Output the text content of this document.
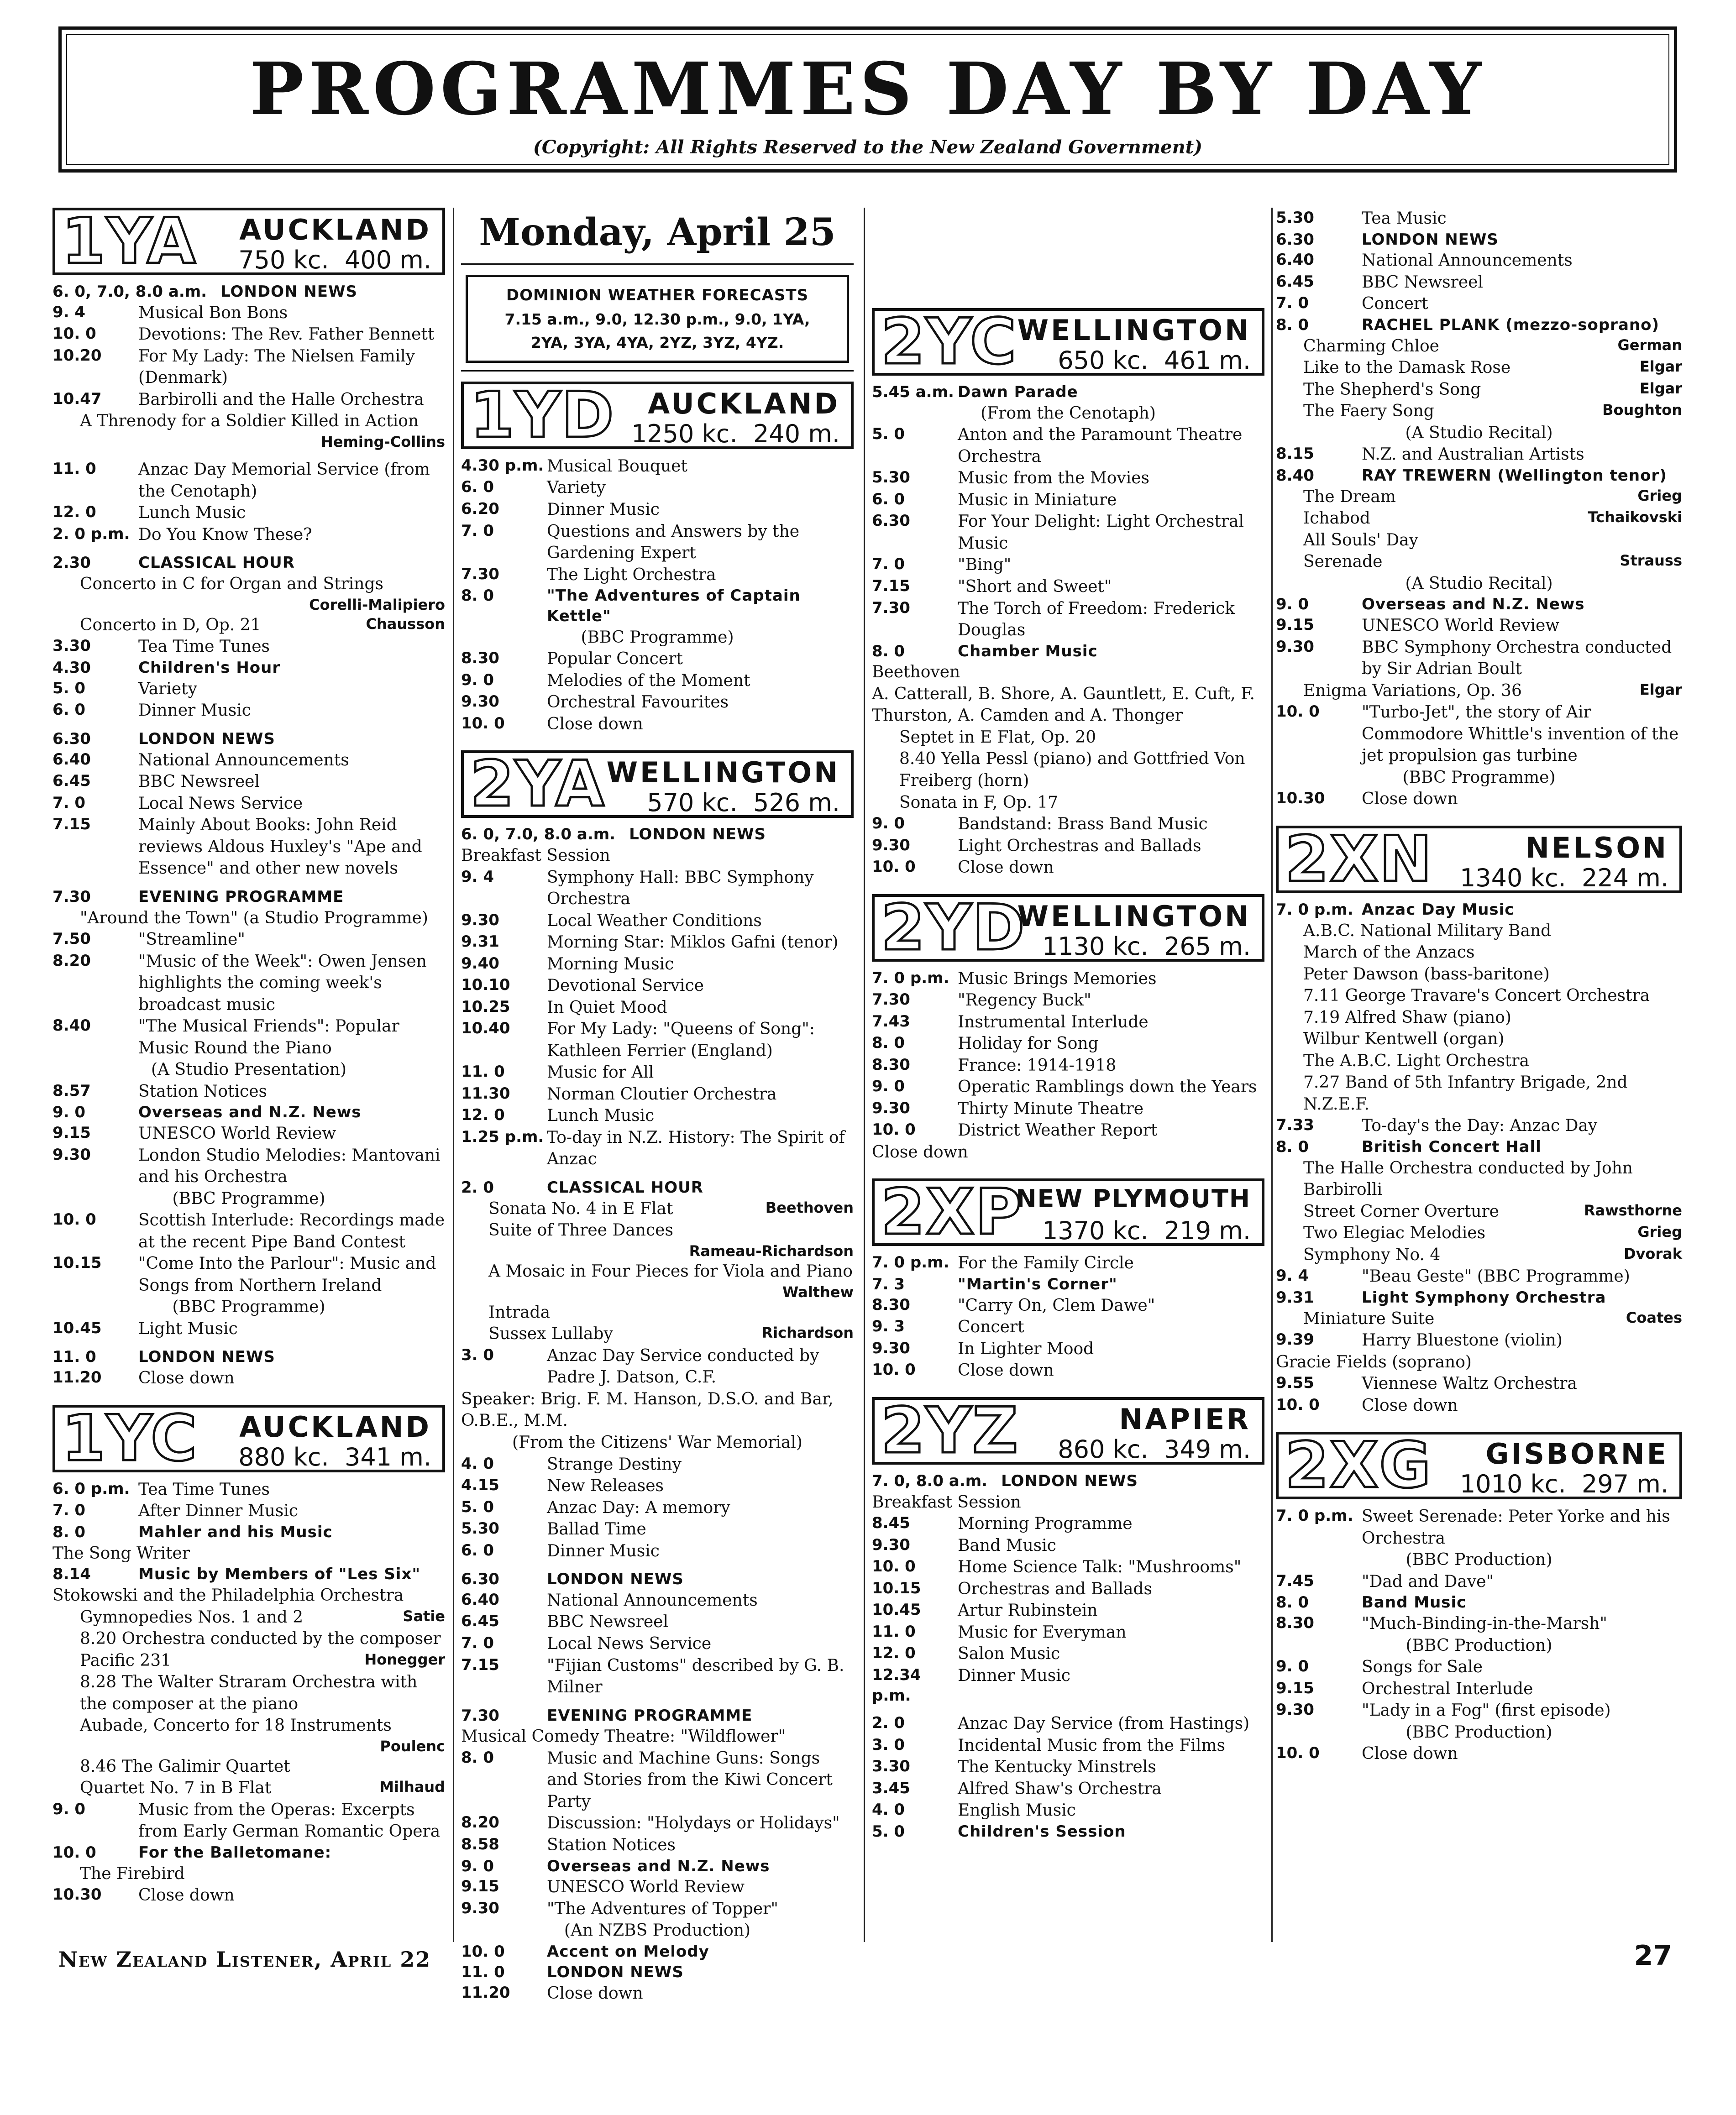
PROGRAMMES DAY BY DAY
(Copyright: All Rights Reserved to the New Zealand Government)
1YA AUCKLAND
750 kc.  400 m.
6. 0, 7.0, 8.0 a.m. LONDON NEWS
9. 4	Musical Bon Bons
10. 0	Devotions: The Rev. Father Bennett
10.20	For My Lady: The Nielsen Family (Denmark)
10.47	Barbirolli and the Halle Orchestra
A Threnody for a Soldier Killed in Action
Heming-Collins
11. 0	Anzac Day Memorial Service (from the Cenotaph)
12. 0	Lunch Music
2. 0 p.m. Do You Know These?
2.30	CLASSICAL HOUR
Concerto in C for Organ and Strings
Corelli-Malipiero
Concerto in D, Op. 21	Chausson
3.30	Tea Time Tunes
4.30	Children's Hour
5. 0	Variety
6. 0	Dinner Music
6.30	LONDON NEWS
6.40	National Announcements
6.45	BBC Newsreel
7. 0	Local News Service
7.15	Mainly About Books: John Reid reviews Aldous Huxley's "Ape and Essence" and other new novels
7.30	EVENING PROGRAMME
"Around the Town" (a Studio Programme)
7.50	"Streamline"
8.20	"Music of the Week": Owen Jensen highlights the coming week's broadcast music
8.40	"The Musical Friends": Popular Music Round the Piano
(A Studio Presentation)
8.57	Station Notices
9. 0	Overseas and N.Z. News
9.15	UNESCO World Review
9.30	London Studio Melodies: Mantovani and his Orchestra
(BBC Programme)
10. 0	Scottish Interlude: Recordings made at the recent Pipe Band Contest
10.15	"Come Into the Parlour": Music and Songs from Northern Ireland
(BBC Programme)
10.45	Light Music
11. 0	LONDON NEWS
11.20	Close down
1YC AUCKLAND
880 kc.  341 m.
6. 0 p.m. Tea Time Tunes
7. 0	After Dinner Music
8. 0	Mahler and his Music
The Song Writer
8.14	Music by Members of "Les Six"
Stokowski and the Philadelphia Orchestra
Gymnopedies Nos. 1 and 2	Satie
8.20 Orchestra conducted by the composer
Pacific 231	Honegger
8.28 The Walter Straram Orchestra with the composer at the piano
Aubade, Concerto for 18 Instruments
Poulenc
8.46 The Galimir Quartet
Quartet No. 7 in B Flat	Milhaud
9. 0	Music from the Operas: Excerpts from Early German Romantic Opera
10. 0	For the Balletomane:
The Firebird
10.30	Close down
Monday, April 25
DOMINION WEATHER FORECASTS
7.15 a.m., 9.0, 12.30 p.m., 9.0, 1YA,
2YA, 3YA, 4YA, 2YZ, 3YZ, 4YZ.
1YD AUCKLAND
1250 kc.  240 m.
4.30 p.m. Musical Bouquet
6. 0	Variety
6.20	Dinner Music
7. 0	Questions and Answers by the Gardening Expert
7.30	The Light Orchestra
8. 0	"The Adventures of Captain Kettle"
(BBC Programme)
8.30	Popular Concert
9. 0	Melodies of the Moment
9.30	Orchestral Favourites
10. 0	Close down
2YA WELLINGTON
570 kc.  526 m.
6. 0, 7.0, 8.0 a.m. LONDON NEWS
Breakfast Session
9. 4	Symphony Hall: BBC Symphony Orchestra
9.30	Local Weather Conditions
9.31	Morning Star: Miklos Gafni (tenor)
9.40	Morning Music
10.10	Devotional Service
10.25	In Quiet Mood
10.40	For My Lady: "Queens of Song": Kathleen Ferrier (England)
11. 0	Music for All
11.30	Norman Cloutier Orchestra
12. 0	Lunch Music
1.25 p.m. To-day in N.Z. History: The Spirit of Anzac
2. 0	CLASSICAL HOUR
Sonata No. 4 in E Flat	Beethoven
Suite of Three Dances
Rameau-Richardson
A Mosaic in Four Pieces for Viola and Piano
Walthew
Intrada
Sussex Lullaby	Richardson
3. 0	Anzac Day Service conducted by Padre J. Datson, C.F.
Speaker: Brig. F. M. Hanson, D.S.O. and Bar, O.B.E., M.M.
(From the Citizens' War Memorial)
4. 0	Strange Destiny
4.15	New Releases
5. 0	Anzac Day: A memory
5.30	Ballad Time
6. 0	Dinner Music
6.30	LONDON NEWS
6.40	National Announcements
6.45	BBC Newsreel
7. 0	Local News Service
7.15	"Fijian Customs" described by G. B. Milner
7.30	EVENING PROGRAMME
Musical Comedy Theatre: "Wildflower"
8. 0	Music and Machine Guns: Songs and Stories from the Kiwi Concert Party
8.20	Discussion: "Holydays or Holidays"
8.58	Station Notices
9. 0	Overseas and N.Z. News
9.15	UNESCO World Review
9.30	"The Adventures of Topper"
(An NZBS Production)
10. 0	Accent on Melody
11. 0	LONDON NEWS
11.20	Close down
2YC WELLINGTON
650 kc.  461 m.
5.45 a.m. Dawn Parade
(From the Cenotaph)
5. 0	Anton and the Paramount Theatre Orchestra
5.30	Music from the Movies
6. 0	Music in Miniature
6.30	For Your Delight: Light Orchestral Music
7. 0	"Bing"
7.15	"Short and Sweet"
7.30	The Torch of Freedom: Frederick Douglas
8. 0	Chamber Music
Beethoven
A. Catterall, B. Shore, A. Gauntlett, E. Cuft, F. Thurston, A. Camden and A. Thonger
Septet in E Flat, Op. 20
8.40 Yella Pessl (piano) and Gottfried Von Freiberg (horn)
Sonata in F, Op. 17
9. 0	Bandstand: Brass Band Music
9.30	Light Orchestras and Ballads
10. 0	Close down
2YD
WELLINGTON
1130 kc.  265 m.
7. 0 p.m. Music Brings Memories
7.30	"Regency Buck"
7.43	Instrumental Interlude
8. 0	Holiday for Song
8.30	France: 1914-1918
9. 0	Operatic Ramblings down the Years
9.30	Thirty Minute Theatre
10. 0	District Weather Report
Close down
2XP
NEW PLYMOUTH
1370 kc.  219 m.
7. 0 p.m. For the Family Circle
7. 3	"Martin's Corner"
8.30	"Carry On, Clem Dawe"
9. 3	Concert
9.30	In Lighter Mood
10. 0	Close down
2YZ	NAPIER
860 kc.  349 m.
7. 0, 8.0 a.m. LONDON NEWS
Breakfast Session
8.45	Morning Programme
9.30	Band Music
10. 0	Home Science Talk: "Mushrooms"
10.15	Orchestras and Ballads
10.45	Artur Rubinstein
11. 0	Music for Everyman
12. 0	Salon Music
12.34 p.m.
Dinner Music
2. 0	Anzac Day Service (from Hastings)
3. 0	Incidental Music from the Films
3.30	The Kentucky Minstrels
3.45	Alfred Shaw's Orchestra
4. 0	English Music
5. 0	Children's Session
5.30	Tea Music
6.30	LONDON NEWS
6.40	National Announcements
6.45	BBC Newsreel
7. 0	Concert
8. 0	RACHEL PLANK (mezzo-soprano)
Charming Chloe	German
Like to the Damask Rose	Elgar
The Shepherd's Song	Elgar
The Faery Song	Boughton
(A Studio Recital)
8.15	N.Z. and Australian Artists
8.40	RAY TREWERN (Wellington tenor)
The Dream	Grieg
Ichabod	Tchaikovski
All Souls' Day
Serenade	Strauss
(A Studio Recital)
9. 0	Overseas and N.Z. News
9.15	UNESCO World Review
9.30	BBC Symphony Orchestra conducted by Sir Adrian Boult
Enigma Variations, Op. 36	Elgar
10. 0	"Turbo-Jet", the story of Air Commodore Whittle's invention of the jet propulsion gas turbine
(BBC Programme)
10.30	Close down
2XN	NELSON
1340 kc.  224 m.
7. 0 p.m. Anzac Day Music
A.B.C. National Military Band
March of the Anzacs
Peter Dawson (bass-baritone)
7.11 George Travare's Concert Orchestra
7.19 Alfred Shaw (piano)
Wilbur Kentwell (organ)
The A.B.C. Light Orchestra
7.27 Band of 5th Infantry Brigade, 2nd N.Z.E.F.
7.33	To-day's the Day: Anzac Day
8. 0	British Concert Hall
The Halle Orchestra conducted by John Barbirolli
Street Corner Overture	Rawsthorne
Two Elegiac Melodies	Grieg
Symphony No. 4	Dvorak
9. 4	"Beau Geste" (BBC Programme)
9.31	Light Symphony Orchestra
Miniature Suite	Coates
9.39	Harry Bluestone (violin)
Gracie Fields (soprano)
9.55	Viennese Waltz Orchestra
10. 0	Close down
2XG GISBORNE
1010 kc.  297 m.
7. 0 p.m. Sweet Serenade: Peter Yorke and his Orchestra
(BBC Production)
7.45	"Dad and Dave"
8. 0	Band Music
8.30	"Much-Binding-in-the-Marsh"
(BBC Production)
9. 0	Songs for Sale
9.15	Orchestral Interlude
9.30	"Lady in a Fog" (first episode)
(BBC Production)
10. 0	Close down
New Zealand Listener, April 22	27
